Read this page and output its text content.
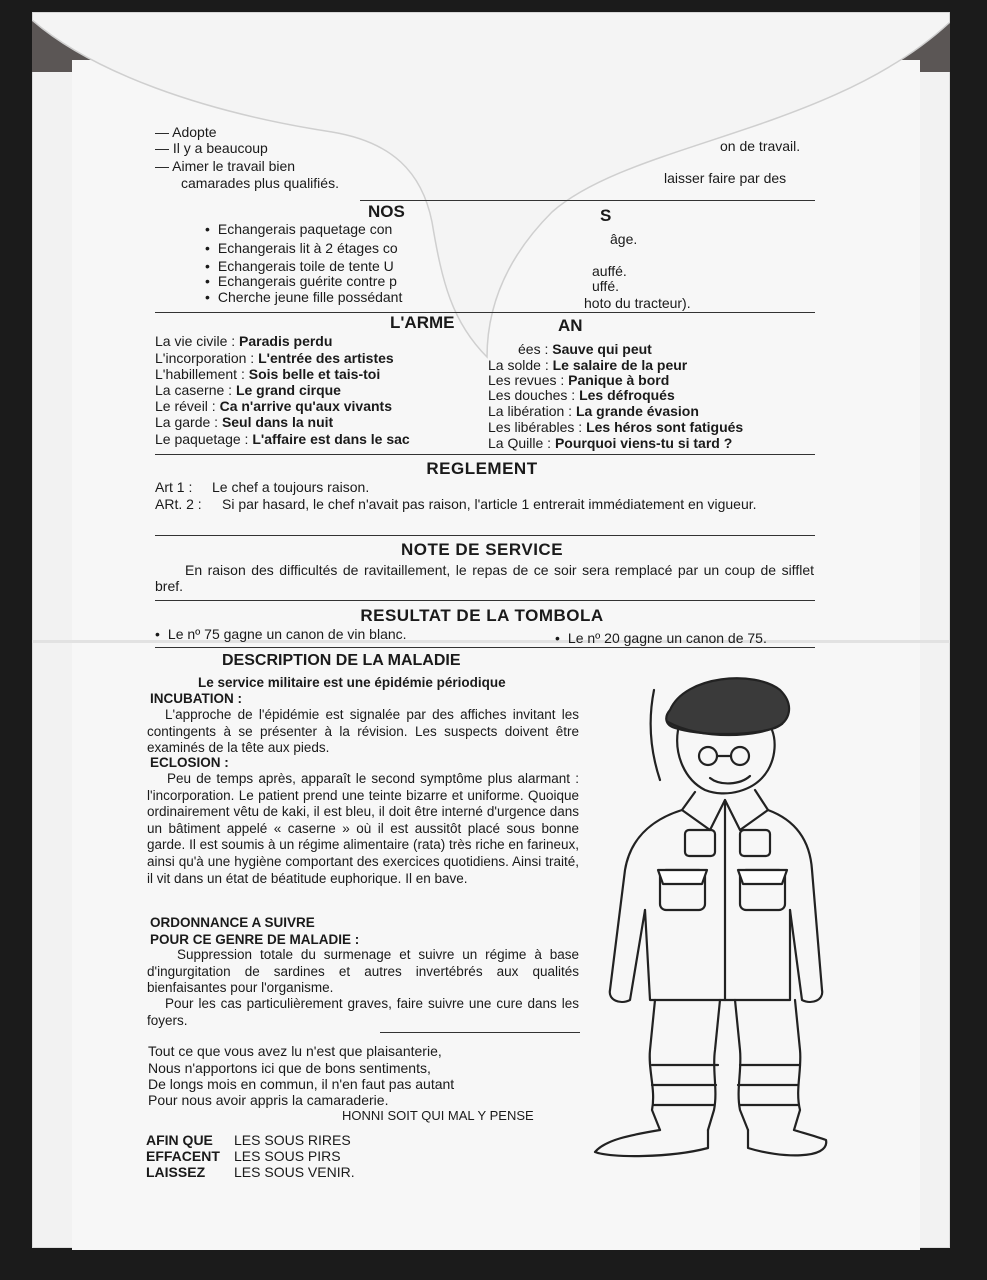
— Adopte
— Il y a beaucoup
— Aimer le travail bien
camarades plus qualifiés.
on de travail.
laisser faire par des
NOS	S
• Echangerais paquetage con
• Echangerais lit à 2 étages co
• Echangerais toile de tente U
• Echangerais guérite contre p
• Cherche jeune fille possédant
âge.
auffé.
uffé.
hoto du tracteur).
L'ARME	AN
La vie civile : Paradis perdu
L'incorporation : L'entrée des artistes
L'habillement : Sois belle et tais-toi
La caserne : Le grand cirque
Le réveil : Ca n'arrive qu'aux vivants
La garde : Seul dans la nuit
Le paquetage : L'affaire est dans le sac
ées : Sauve qui peut
La solde : Le salaire de la peur
Les revues : Panique à bord
Les douches : Les défroqués
La libération : La grande évasion
Les libérables : Les héros sont fatigués
La Quille : Pourquoi viens-tu si tard ?
REGLEMENT
Art 1 : Le chef a toujours raison.
ARt. 2 : Si par hasard, le chef n'avait pas raison, l'article 1 entrerait immédiatement en vigueur.
NOTE DE SERVICE
En raison des difficultés de ravitaillement, le repas de ce soir sera remplacé par un coup de sifflet bref.
RESULTAT DE LA TOMBOLA
• Le nº 75 gagne un canon de vin blanc.
•	Le nº 20 gagne un canon de 75.
DESCRIPTION DE LA MALADIE
Le service militaire est une épidémie périodique
INCUBATION :
L'approche de l'épidémie est signalée par des affiches invitant les contingents à se présenter à la révision. Les suspects doivent être examinés de la tête aux pieds.
ECLOSION :
Peu de temps après, apparaît le second symptôme plus alarmant : l'incorporation. Le patient prend une teinte bizarre et uniforme. Quoique ordinairement vêtu de kaki, il est bleu, il doit être interné d'urgence dans un bâtiment appelé « caserne » où il est aussitôt placé sous bonne garde. Il est soumis à un régime alimentaire (rata) très riche en farineux, ainsi qu'à une hygiène comportant des exercices quotidiens. Ainsi traité, il vit dans un état de béatitude euphorique. Il en bave.
ORDONNANCE A SUIVRE
POUR CE GENRE DE MALADIE :
Suppression totale du surmenage et suivre un régime à base d'ingurgitation de sardines et autres invertébrés aux qualités bienfaisantes pour l'organisme.
Pour les cas particulièrement graves, faire suivre une cure dans les foyers.
Tout ce que vous avez lu n'est que plaisanterie,
Nous n'apportons ici que de bons sentiments,
De longs mois en commun, il n'en faut pas autant
Pour nous avoir appris la camaraderie.
HONNI SOIT QUI MAL Y PENSE
AFIN QUE
EFFACENT
LAISSEZ
LES SOUS RIRES
LES SOUS PIRS
LES SOUS VENIR.
